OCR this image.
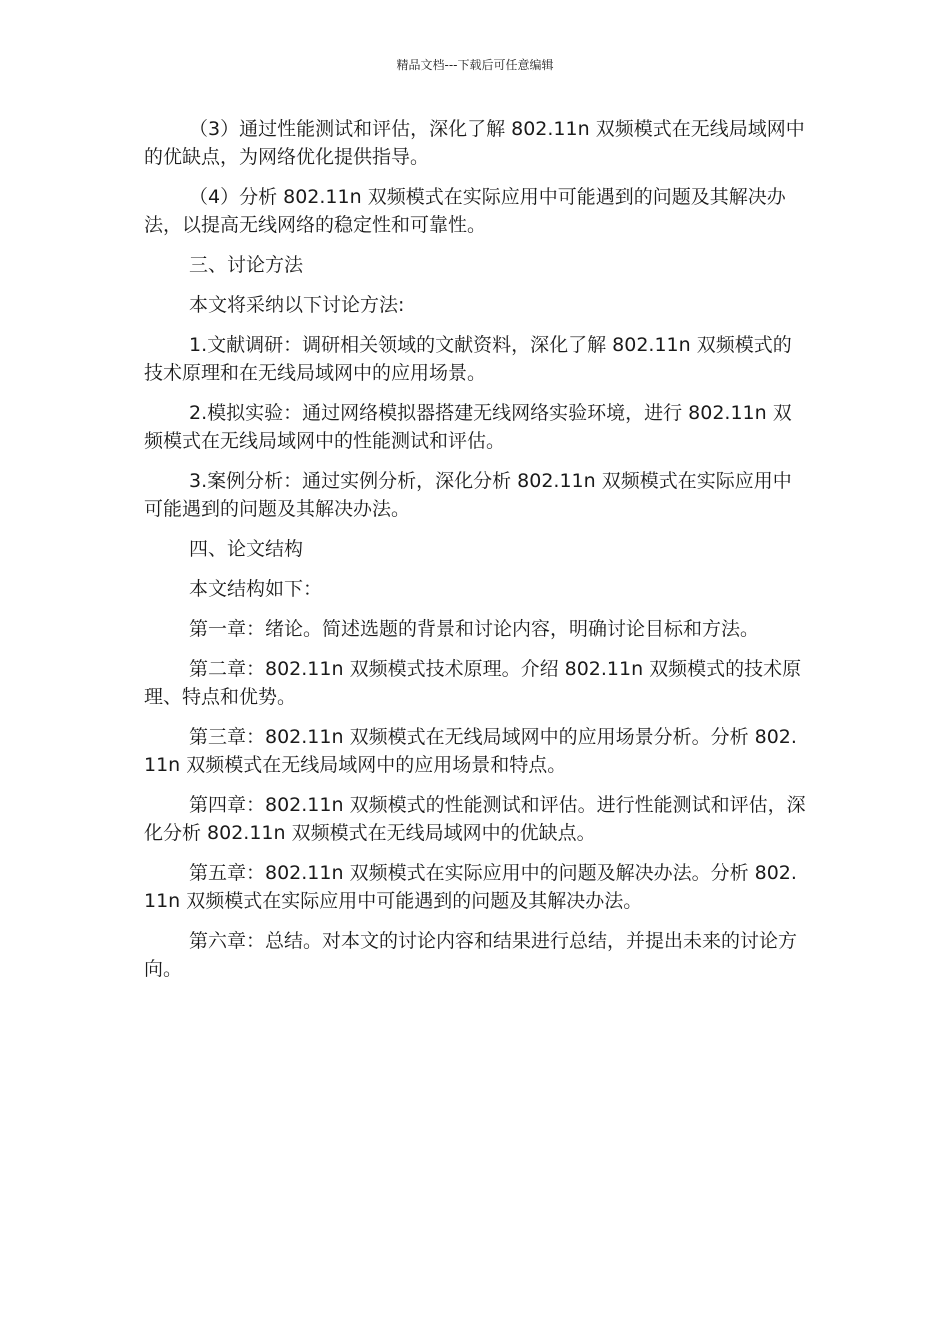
精品文档---下载后可任意编辑

（3）通过性能测试和评估，深化了解 802.11n 双频模式在无线局域网中的优缺点，为网络优化提供指导。

（4）分析 802.11n 双频模式在实际应用中可能遇到的问题及其解决办法，以提高无线网络的稳定性和可靠性。

三、讨论方法

本文将采纳以下讨论方法:

1.文献调研：调研相关领域的文献资料，深化了解 802.11n 双频模式的技术原理和在无线局域网中的应用场景。

2.模拟实验：通过网络模拟器搭建无线网络实验环境，进行 802.11n 双频模式在无线局域网中的性能测试和评估。

3.案例分析：通过实例分析，深化分析 802.11n 双频模式在实际应用中可能遇到的问题及其解决办法。

四、论文结构

本文结构如下：

第一章：绪论。简述选题的背景和讨论内容，明确讨论目标和方法。

第二章：802.11n 双频模式技术原理。介绍 802.11n 双频模式的技术原理、特点和优势。

第三章：802.11n 双频模式在无线局域网中的应用场景分析。分析 802.11n 双频模式在无线局域网中的应用场景和特点。

第四章：802.11n 双频模式的性能测试和评估。进行性能测试和评估，深化分析 802.11n 双频模式在无线局域网中的优缺点。

第五章：802.11n 双频模式在实际应用中的问题及解决办法。分析 802.11n 双频模式在实际应用中可能遇到的问题及其解决办法。

第六章：总结。对本文的讨论内容和结果进行总结，并提出未来的讨论方向。
